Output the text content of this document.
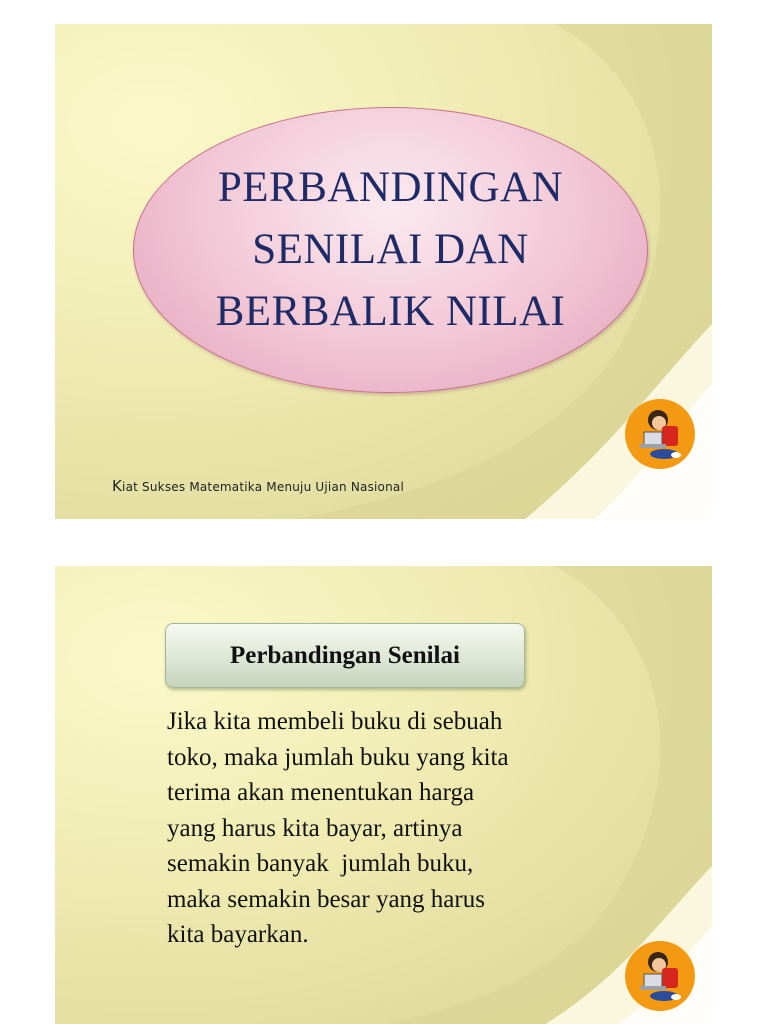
PERBANDINGAN
SENILAI DAN
BERBALIK NILAI
Kiat Sukses Matematika Menuju Ujian Nasional	KSM
Perbandingan Senilai
Jika kita membeli buku di sebuah
toko, maka jumlah buku yang kita
terima akan menentukan harga
yang harus kita bayar, artinya
semakin banyak  jumlah buku,
maka semakin besar yang harus
kita bayarkan.
